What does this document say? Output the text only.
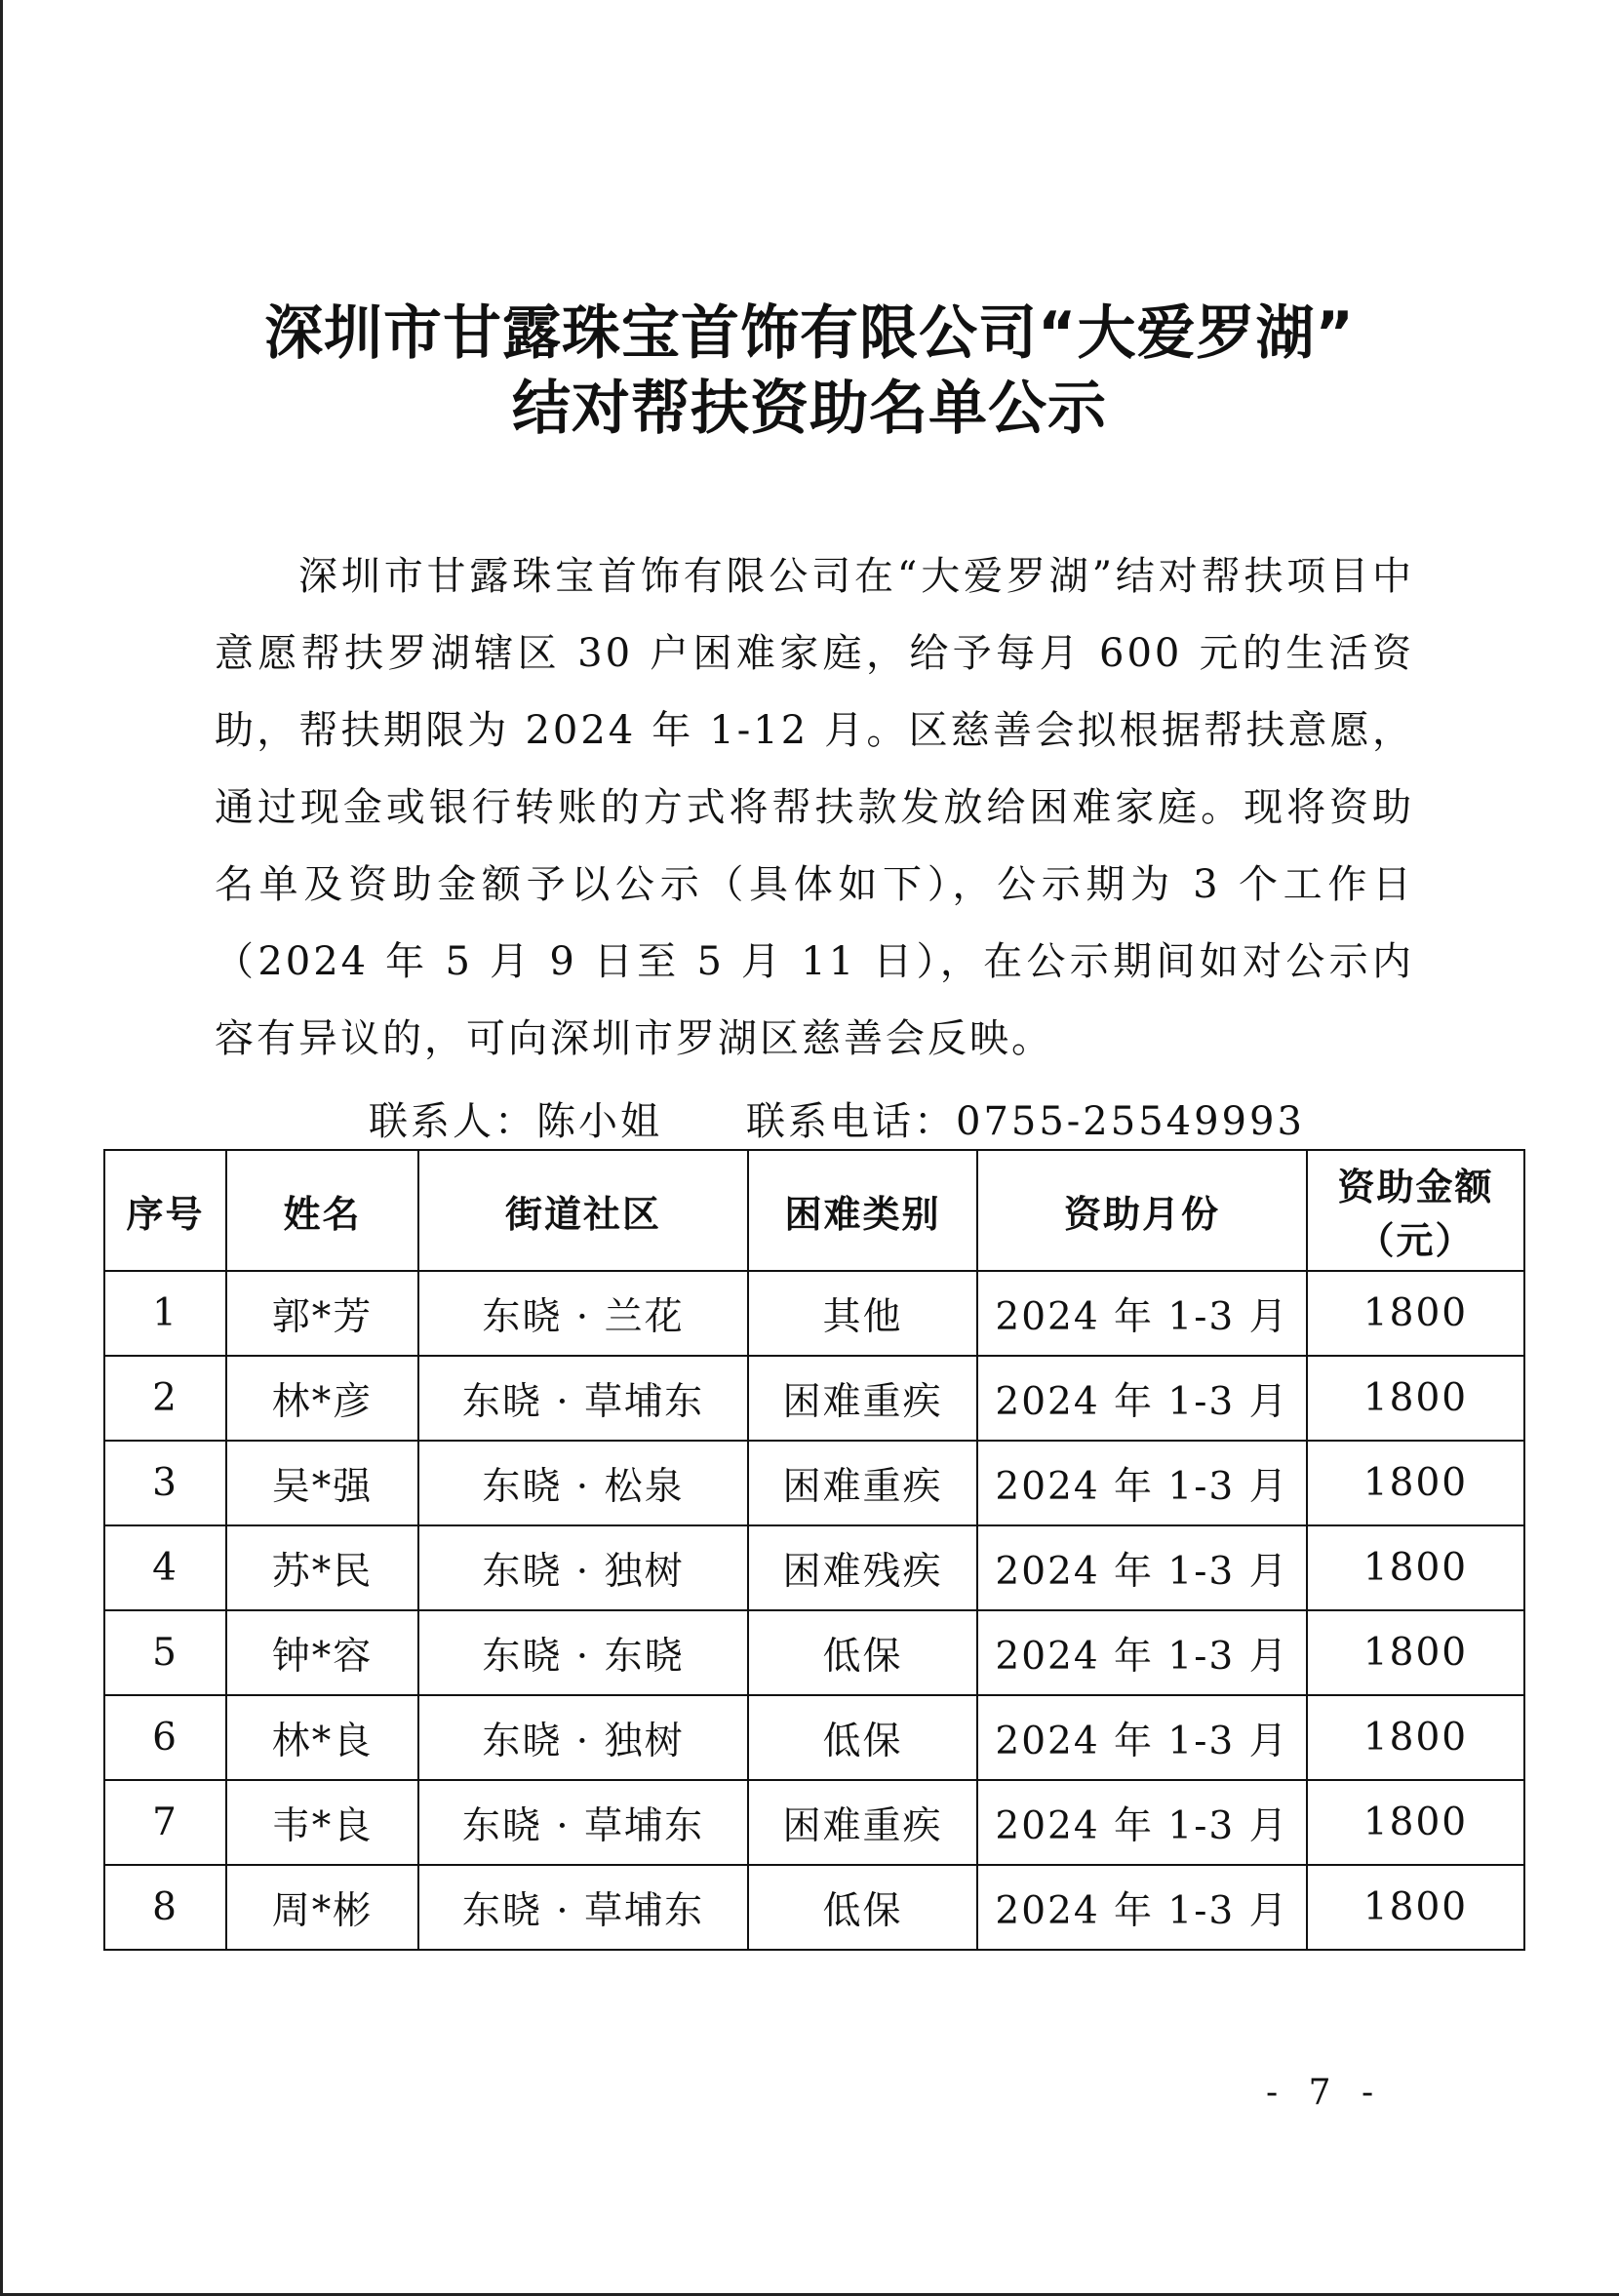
深圳市甘露珠宝首饰有限公司“大爱罗湖”
结对帮扶资助名单公示

深圳市甘露珠宝首饰有限公司在“大爱罗湖”结对帮扶项目中意愿帮扶罗湖辖区 30 户困难家庭，给予每月 600 元的生活资助，帮扶期限为 2024 年 1-12 月。区慈善会拟根据帮扶意愿，通过现金或银行转账的方式将帮扶款发放给困难家庭。现将资助名单及资助金额予以公示（具体如下），公示期为 3 个工作日（2024 年 5 月 9 日至 5 月 11 日），在公示期间如对公示内容有异议的，可向深圳市罗湖区慈善会反映。

联系人：陈小姐 联系电话：0755-25549993
序号	姓名	街道社区	困难类别	资助月份	资助金额
（元）
1	郭*芳	东晓 · 兰花	其他	2024 年 1-3 月	1800
2	林*彦	东晓 · 草埔东	困难重疾	2024 年 1-3 月	1800
3	吴*强	东晓 · 松泉	困难重疾	2024 年 1-3 月	1800
4	苏*民	东晓 · 独树	困难残疾	2024 年 1-3 月	1800
5	钟*容	东晓 · 东晓	低保	2024 年 1-3 月	1800
6	林*良	东晓 · 独树	低保	2024 年 1-3 月	1800
7	韦*良	东晓 · 草埔东	困难重疾	2024 年 1-3 月	1800
8	周*彬	东晓 · 草埔东	低保	2024 年 1-3 月	1800
- 7 -
